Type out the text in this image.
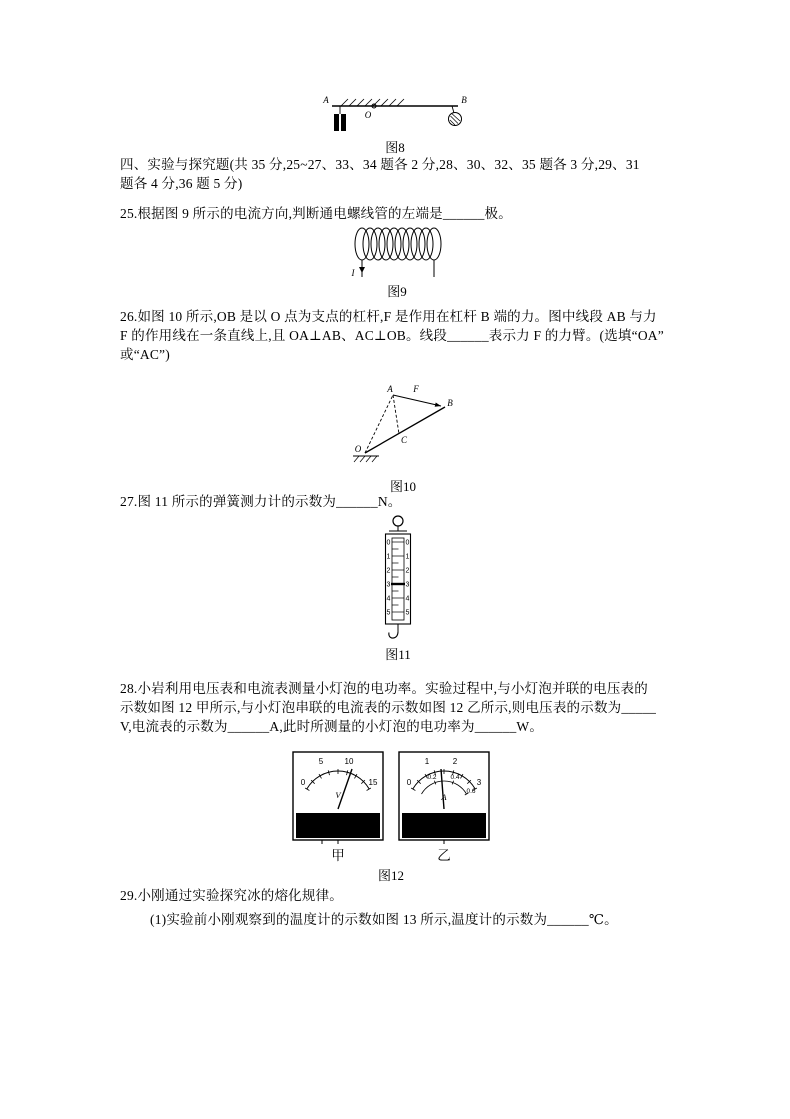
A	B
O
图8
四、实验与探究题(共 35 分,25~27、33、34 题各 2 分,28、30、32、35 题各 3 分,29、31
题各 4 分,36 题 5 分)
25.根据图 9 所示的电流方向,判断通电螺线管的左端是______极。
I
图9
26.如图 10 所示,OB 是以 O 点为支点的杠杆,F 是作用在杠杆 B 端的力。图中线段 AB 与力
F 的作用线在一条直线上,且 OA⊥AB、AC⊥OB。线段______表示力 F 的力臂。(选填“OA”
或“AC”)
A
B
C
O
F
图10
27.图 11 所示的弹簧测力计的示数为______N。
0
1
2
3
4
5
0
1
2
3
4
5
图11
28.小岩利用电压表和电流表测量小灯泡的电功率。实验过程中,与小灯泡并联的电压表的
示数如图 12 甲所示,与小灯泡串联的电流表的示数如图 12 乙所示,则电压表的示数为_____
V,电流表的示数为______A,此时所测量的小灯泡的电功率为______W。
0
5	10
15
V
− 3 15
甲
0
1	2
3
0.2 0.4
0.6
A
− 0.6 3
乙
图12
29.小刚通过实验探究冰的熔化规律。
(1)实验前小刚观察到的温度计的示数如图 13 所示,温度计的示数为______℃。
